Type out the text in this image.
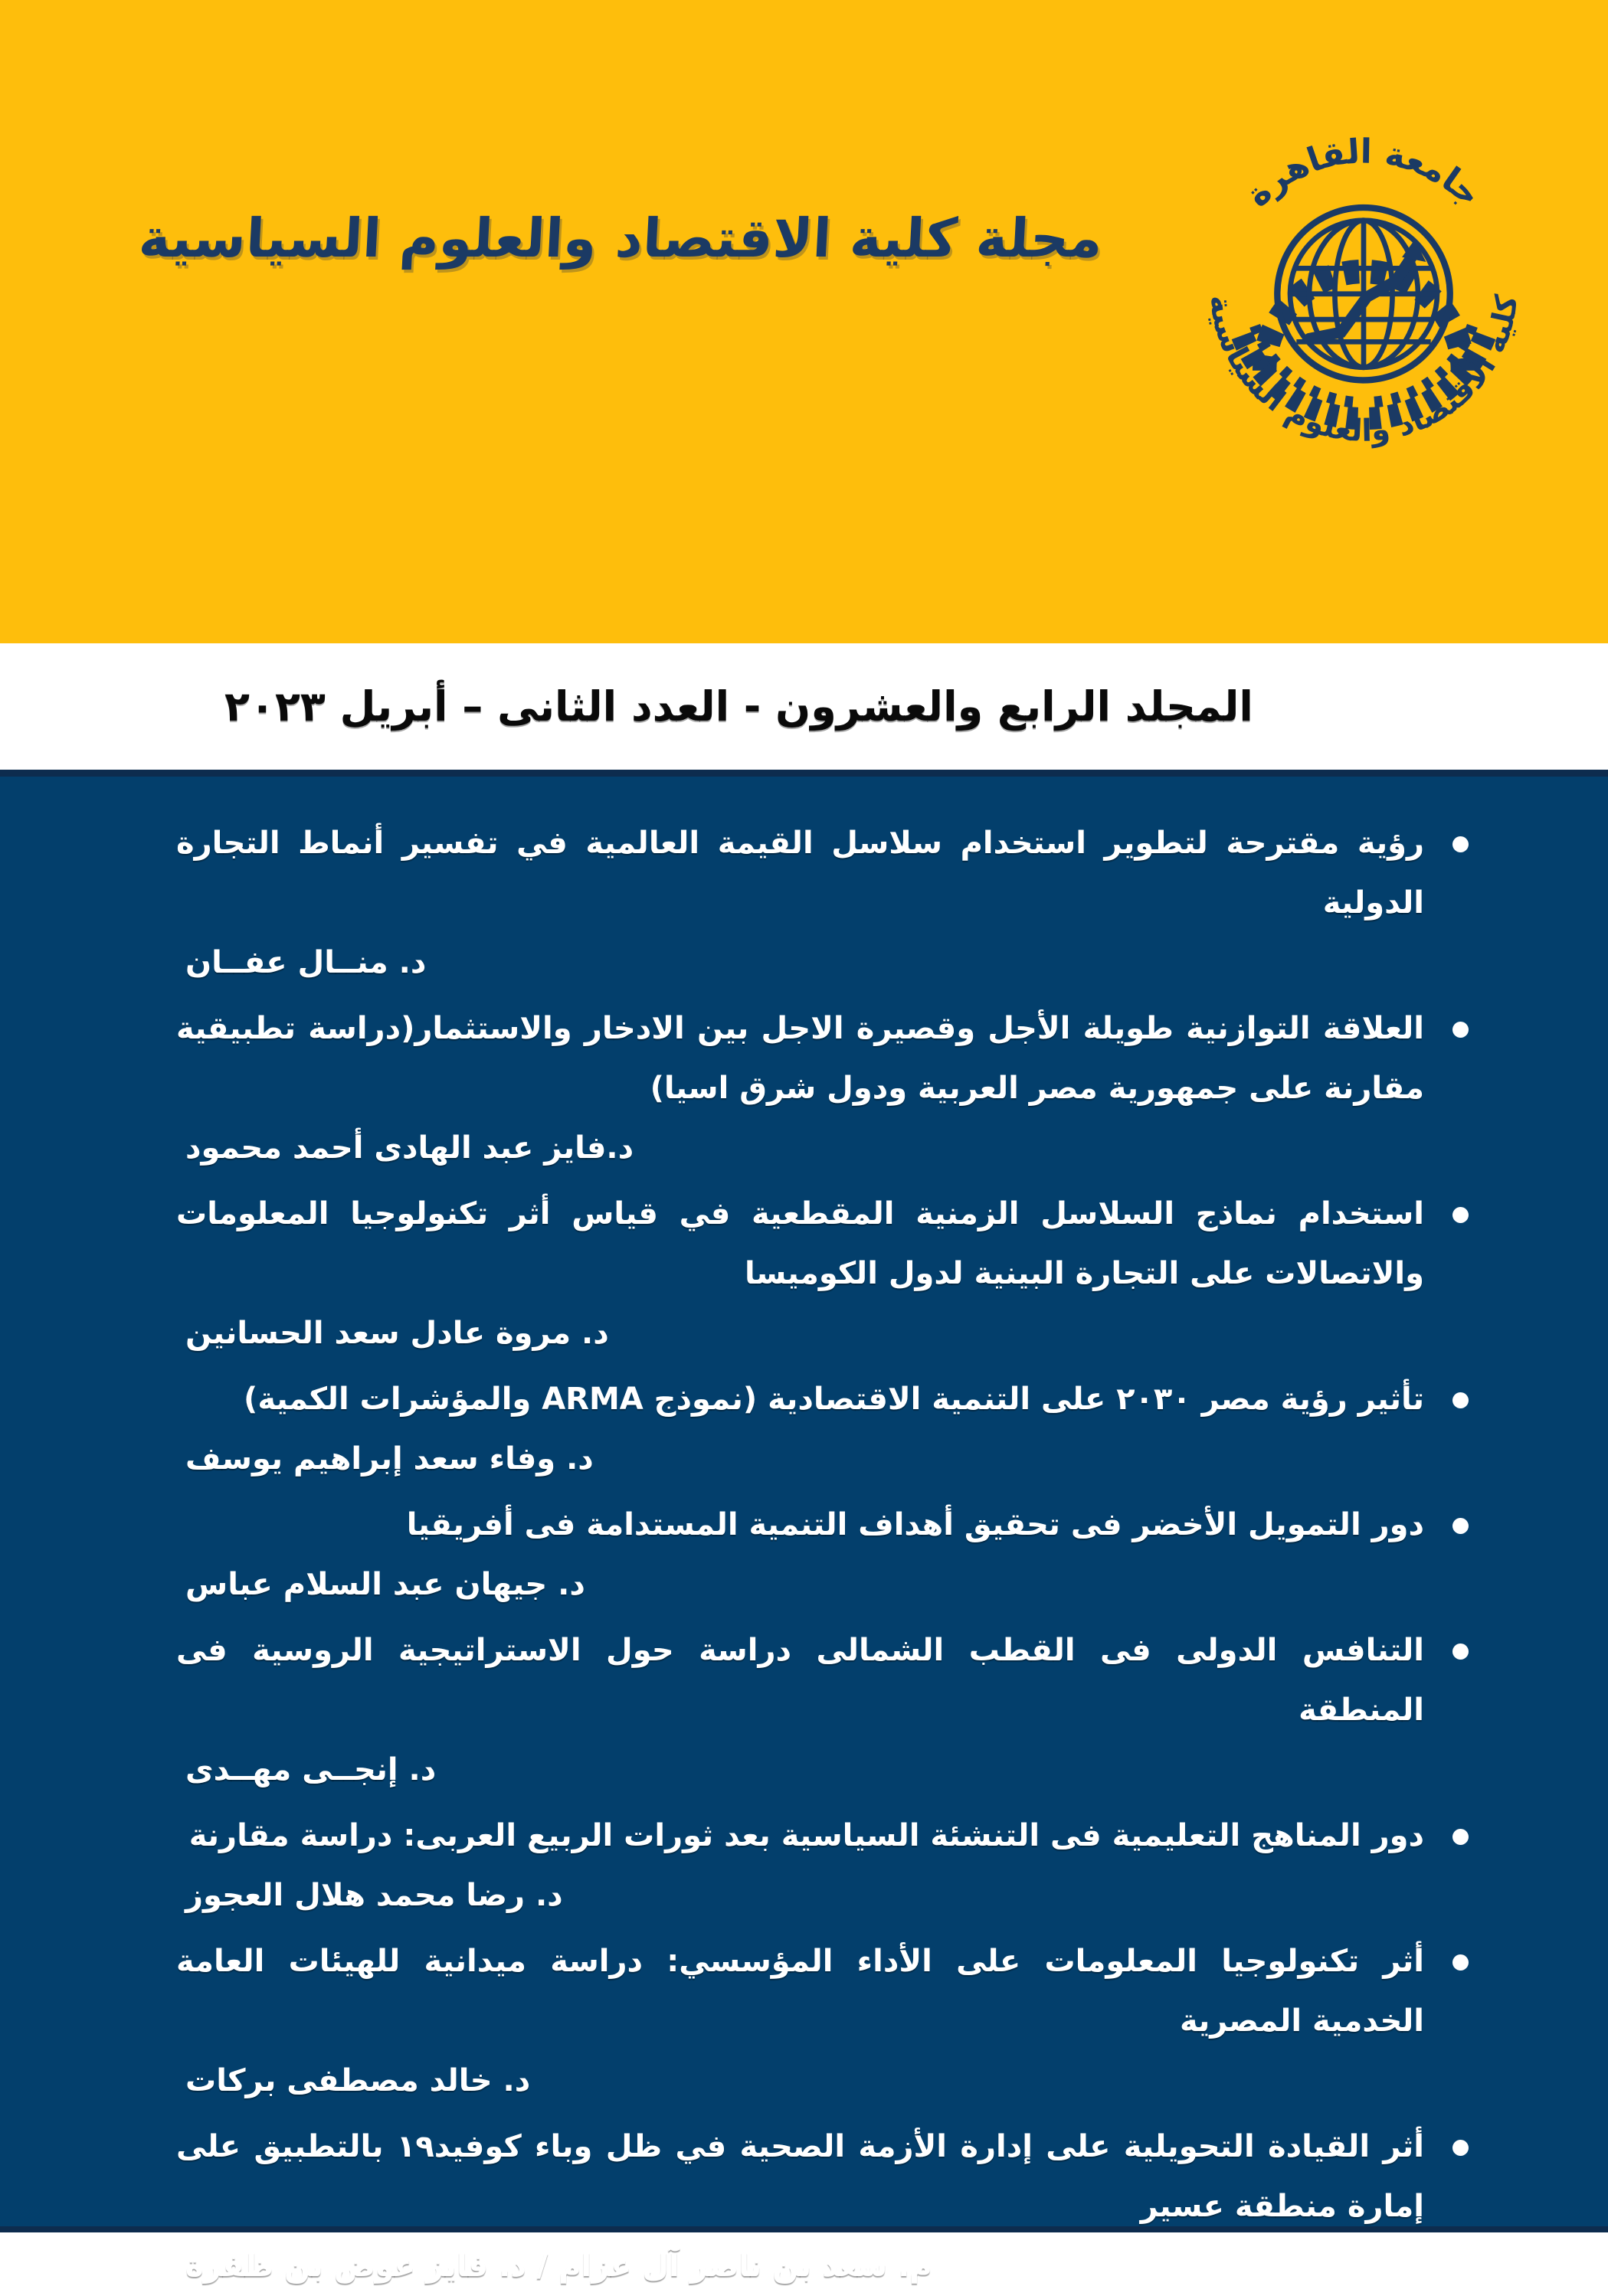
مجلة كلية الاقتصاد والعلوم السياسية
جامعة القاهرة
كلية الاقتصاد والعلوم السياسية
المجلد الرابع والعشرون - العدد الثانى – أبريل ٢٠٢٣
رؤية مقترحة لتطوير استخدام سلاسل القيمة العالمية في تفسير أنماط التجارة الدولية
د. منــال عفــان
العلاقة التوازنية طويلة الأجل وقصيرة الاجل بين الادخار والاستثمار(دراسة تطبيقية مقارنة على جمهورية مصر العربية ودول شرق اسيا)
د.فايز عبد الهادى أحمد محمود
استخدام نماذج السلاسل الزمنية المقطعية في قياس أثر تكنولوجيا المعلومات والاتصالات على التجارة البينية لدول الكوميسا
د. مروة عادل سعد الحسانين
تأثير رؤية مصر ٢٠٣٠ على التنمية الاقتصادية (نموذج ARMA والمؤشرات الكمية)
د. وفاء سعد إبراهيم يوسف
دور التمويل الأخضر فى تحقيق أهداف التنمية المستدامة فى أفريقيا
د. جيهان عبد السلام عباس
التنافس الدولى فى القطب الشمالى دراسة حول الاستراتيجية الروسية فى المنطقة
د. إنجــى مهــدى
دور المناهج التعليمية فى التنشئة السياسية بعد ثورات الربيع العربى: دراسة مقارنة
د. رضا محمد هلال العجوز
أثر تكنولوجيا المعلومات على الأداء المؤسسي: دراسة ميدانية للهيئات العامة الخدمية المصرية
د. خالد مصطفى بركات
أثر القيادة التحويلية على إدارة الأزمة الصحية في ظل وباء كوفيد١٩ بالتطبيق على إمارة منطقة عسير
م. سعد بن ناصر آل عزام / د. فايز عوض بن ظفرة
